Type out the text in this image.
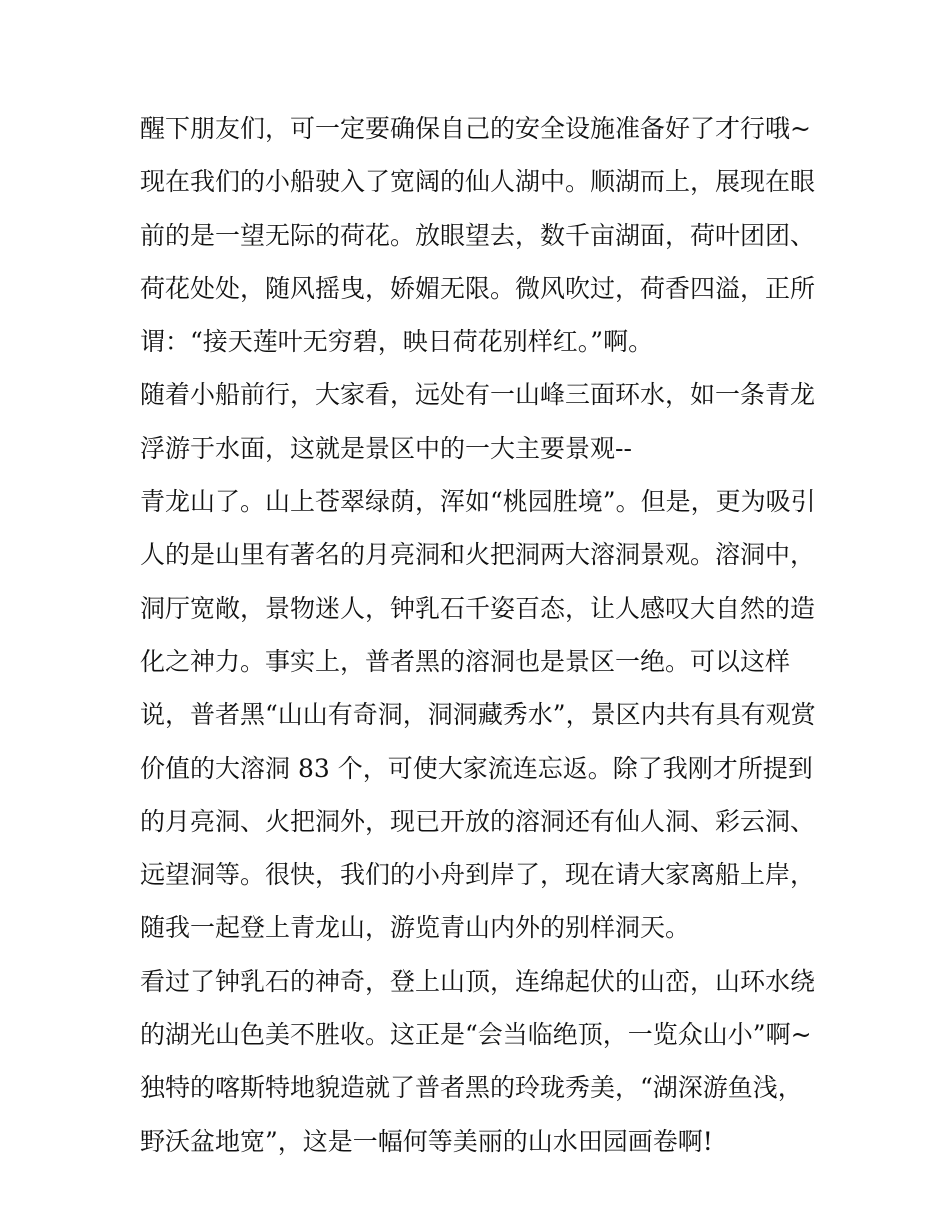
醒下朋友们，可一定要确保自己的安全设施准备好了才行哦~
现在我们的小船驶入了宽阔的仙人湖中。顺湖而上，展现在眼
前的是一望无际的荷花。放眼望去，数千亩湖面，荷叶团团、
荷花处处，随风摇曳，娇媚无限。微风吹过，荷香四溢，正所
谓：“接天莲叶无穷碧，映日荷花别样红。”啊。
随着小船前行，大家看，远处有一山峰三面环水，如一条青龙
浮游于水面，这就是景区中的一大主要景观--
青龙山了。山上苍翠绿荫，浑如“桃园胜境”。但是，更为吸引
人的是山里有著名的月亮洞和火把洞两大溶洞景观。溶洞中，
洞厅宽敞，景物迷人，钟乳石千姿百态，让人感叹大自然的造
化之神力。事实上，普者黑的溶洞也是景区一绝。可以这样
说，普者黑“山山有奇洞，洞洞藏秀水”，景区内共有具有观赏
价值的大溶洞 83 个，可使大家流连忘返。除了我刚才所提到
的月亮洞、火把洞外，现已开放的溶洞还有仙人洞、彩云洞、
远望洞等。很快，我们的小舟到岸了，现在请大家离船上岸，
随我一起登上青龙山，游览青山内外的别样洞天。
看过了钟乳石的神奇，登上山顶，连绵起伏的山峦，山环水绕
的湖光山色美不胜收。这正是“会当临绝顶，一览众山小”啊~
独特的喀斯特地貌造就了普者黑的玲珑秀美，“湖深游鱼浅，
野沃盆地宽”，这是一幅何等美丽的山水田园画卷啊!
